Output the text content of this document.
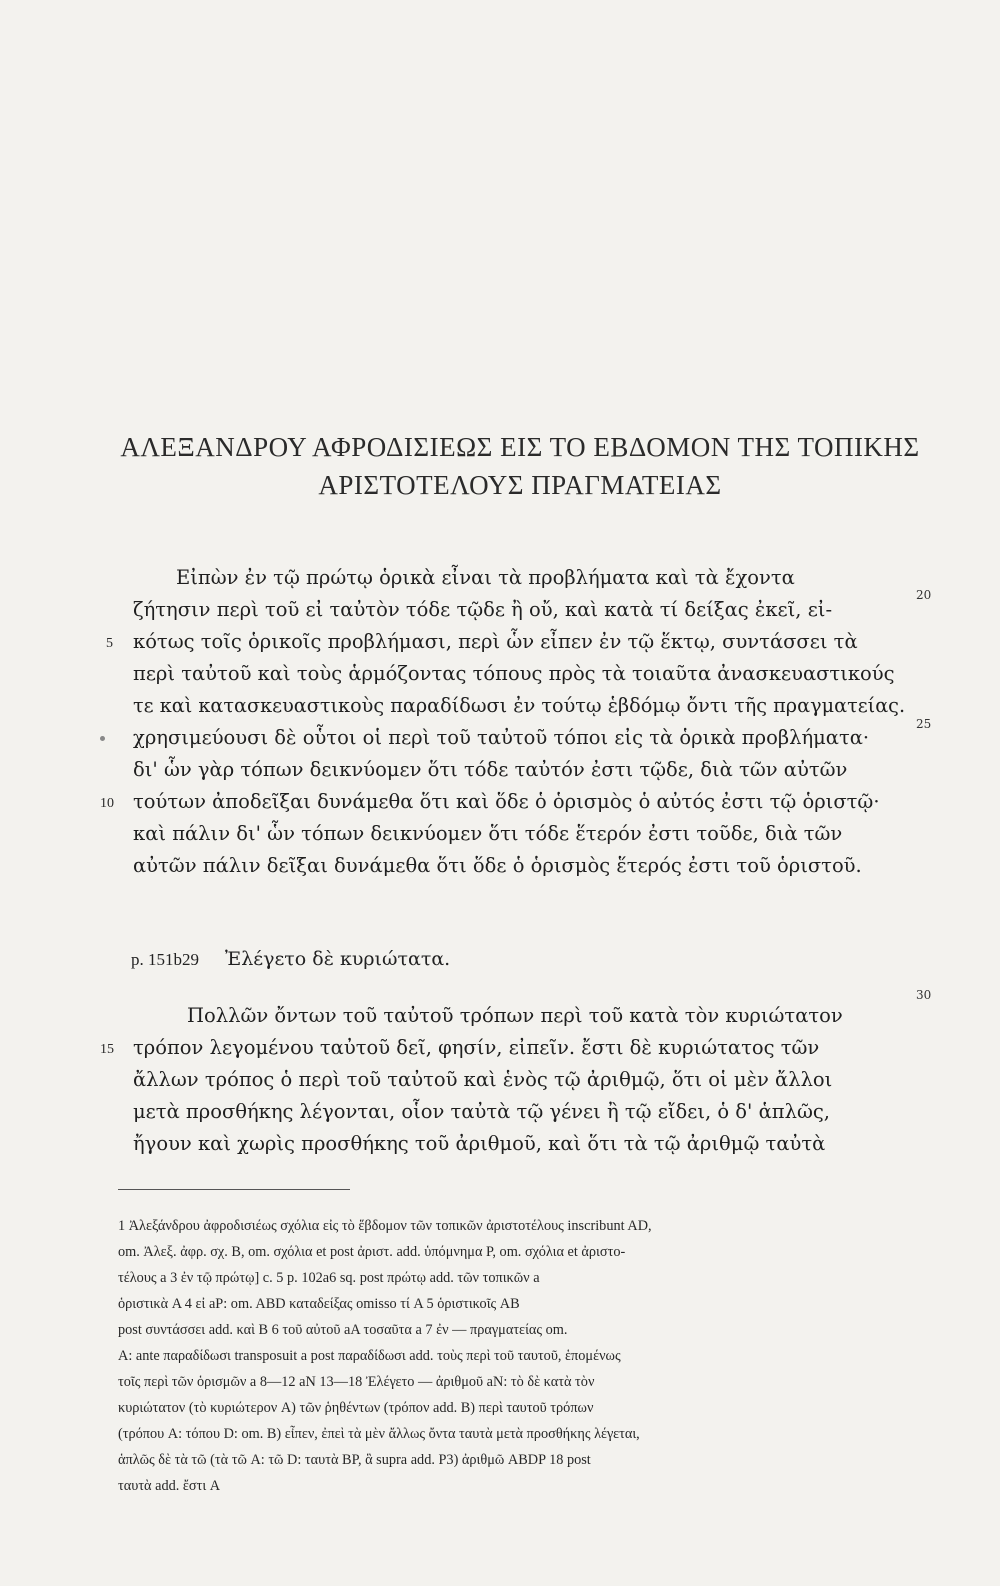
ΑΛΕΞΑΝΔΡΟΥ ΑΦΡΟΔΙΣΙΕΩΣ ΕΙΣ ΤΟ ΕΒΔΟΜΟΝ ΤΗΣ ΤΟΠΙΚΗΣ
ΑΡΙΣΤΟΤΕΛΟΥΣ ΠΡΑΓΜΑΤΕΙΑΣ
Εἰπὼν ἐν τῷ πρώτῳ ὁρικὰ εἶναι τὰ προβλήματα καὶ τὰ ἔχοντα
ζήτησιν περὶ τοῦ εἰ ταὐτὸν τόδε τῷδε ἢ οὔ, καὶ κατὰ τί δείξας ἐκεῖ, εἰ-
κότως τοῖς ὁρικοῖς προβλήμασι, περὶ ὧν εἶπεν ἐν τῷ ἕκτῳ, συντάσσει τὰ
περὶ ταὐτοῦ καὶ τοὺς ἁρμόζοντας τόπους πρὸς τὰ τοιαῦτα ἀνασκευαστικούς
τε καὶ κατασκευαστικοὺς παραδίδωσι ἐν τούτῳ ἑβδόμῳ ὄντι τῆς πραγματείας.
χρησιμεύουσι δὲ οὗτοι οἱ περὶ τοῦ ταὐτοῦ τόποι εἰς τὰ ὁρικὰ προβλήματα·
δι' ὧν γὰρ τόπων δεικνύομεν ὅτι τόδε ταὐτόν ἐστι τῷδε, διὰ τῶν αὐτῶν
τούτων ἀποδεῖξαι δυνάμεθα ὅτι καὶ ὅδε ὁ ὁρισμὸς ὁ αὐτός ἐστι τῷ ὁριστῷ·
καὶ πάλιν δι' ὧν τόπων δεικνύομεν ὅτι τόδε ἕτερόν ἐστι τοῦδε, διὰ τῶν
αὐτῶν πάλιν δεῖξαι δυνάμεθα ὅτι ὅδε ὁ ὁρισμὸς ἕτερός ἐστι τοῦ ὁριστοῦ.
5
10
15
20
25
30
p. 151b29 Ἐλέγετο δὲ κυριώτατα.
Πολλῶν ὄντων τοῦ ταὐτοῦ τρόπων περὶ τοῦ κατὰ τὸν κυριώτατον
τρόπον λεγομένου ταὐτοῦ δεῖ, φησίν, εἰπεῖν. ἔστι δὲ κυριώτατος τῶν
ἄλλων τρόπος ὁ περὶ τοῦ ταὐτοῦ καὶ ἑνὸς τῷ ἀριθμῷ, ὅτι οἱ μὲν ἄλλοι
μετὰ προσθήκης λέγονται, οἷον ταὐτὰ τῷ γένει ἢ τῷ εἴδει, ὁ δ' ἁπλῶς,
ἤγουν καὶ χωρὶς προσθήκης τοῦ ἀριθμοῦ, καὶ ὅτι τὰ τῷ ἀριθμῷ ταὐτὰ
1 Ἀλεξάνδρου ἀφροδισιέως σχόλια εἰς τὸ ἕβδομον τῶν τοπικῶν ἀριστοτέλους inscribunt AD,
om. Ἀλεξ. ἀφρ. σχ. B, om. σχόλια et post ἀριστ. add. ὑπόμνημα P, om. σχόλια et ἀριστο-
τέλους a 3 ἐν τῷ πρώτῳ] c. 5 p. 102a6 sq. post πρώτῳ add. τῶν τοπικῶν a
ὁριστικὰ A 4 εἰ aP: om. ABD καταδείξας omisso τί A 5 ὁριστικοῖς AB
post συντάσσει add. καὶ B 6 τοῦ αὐτοῦ aA τοσαῦτα a 7 ἐν — πραγματείας om.
A: ante παραδίδωσι transposuit a post παραδίδωσι add. τοὺς περὶ τοῦ ταυτοῦ, ἑπομένως
τοῖς περὶ τῶν ὁρισμῶν a 8—12 aN 13—18 Ἐλέγετο — ἀριθμοῦ aN: τὸ δὲ κατὰ τὸν
κυριώτατον (τὸ κυριώτερον A) τῶν ῥηθέντων (τρόπον add. B) περὶ ταυτοῦ τρόπων
(τρόπου A: τόπου D: om. B) εἶπεν, ἐπεὶ τὰ μὲν ἄλλως ὄντα ταυτὰ μετὰ προσθήκης λέγεται,
ἁπλῶς δὲ τὰ τῶ (τὰ τῶ A: τῶ D: ταυτὰ BP, ἃ supra add. P3) ἀριθμῶ ABDP 18 post
ταυτὰ add. ἔστι A
